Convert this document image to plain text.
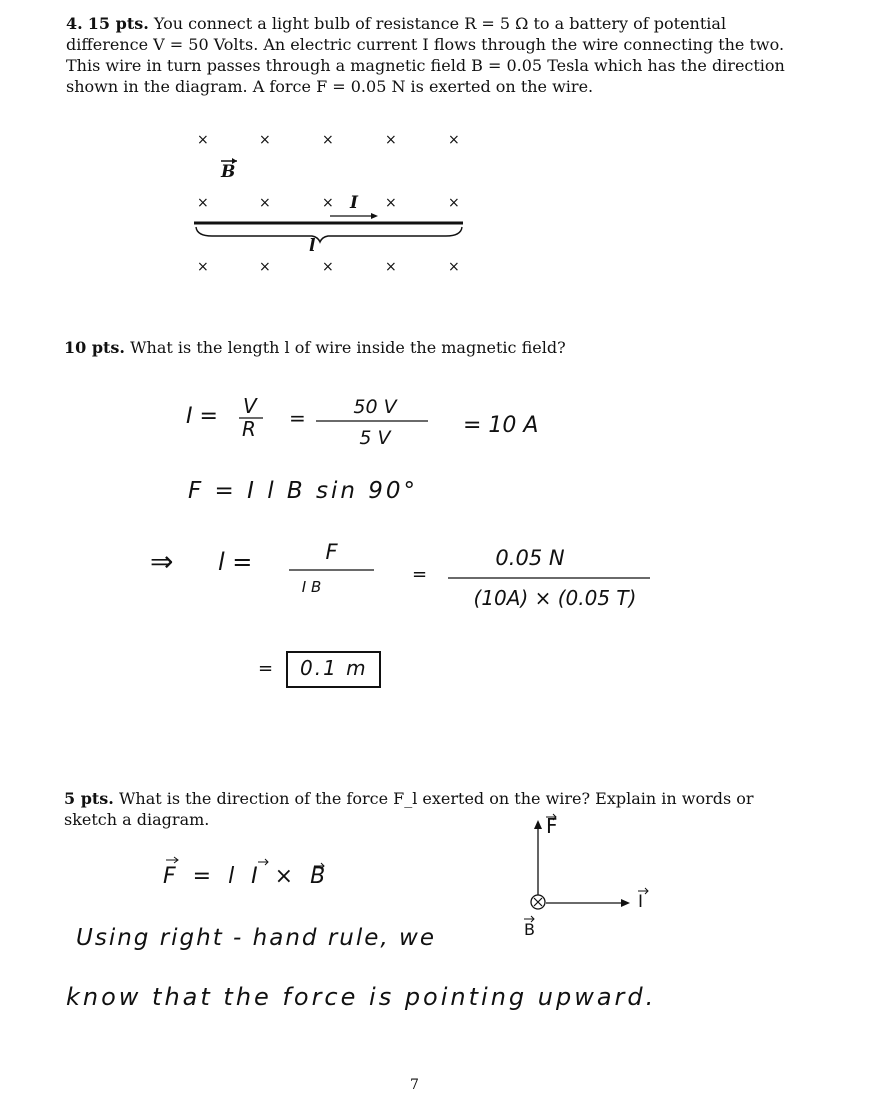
4. 15 pts. You connect a light bulb of resistance R = 5 Ω to a battery of potential
difference V = 50 Volts. An electric current I flows through the wire connecting the two.
This wire in turn passes through a magnetic field B = 0.05 Tesla which has the direction
shown in the diagram. A force F = 0.05 N is exerted on the wire.
×	×	×	×	×
B
×	×	×	×	×
I
l
×	×	×	×	×
10 pts. What is the length l of wire inside the magnetic field?
I = V
R =	50 V
5 V	= 10 A
F = I l B sin 90°
⇒ l =	F
I B
=
0.05 N
(10A) × (0.05 T)
= 0.1 m
5 pts. What is the direction of the force F_l exerted on the wire? Explain in words or
sketch a diagram.
F = l I × B
F
I
B
Using right - hand rule, we
know that the force is pointing upward.
7
